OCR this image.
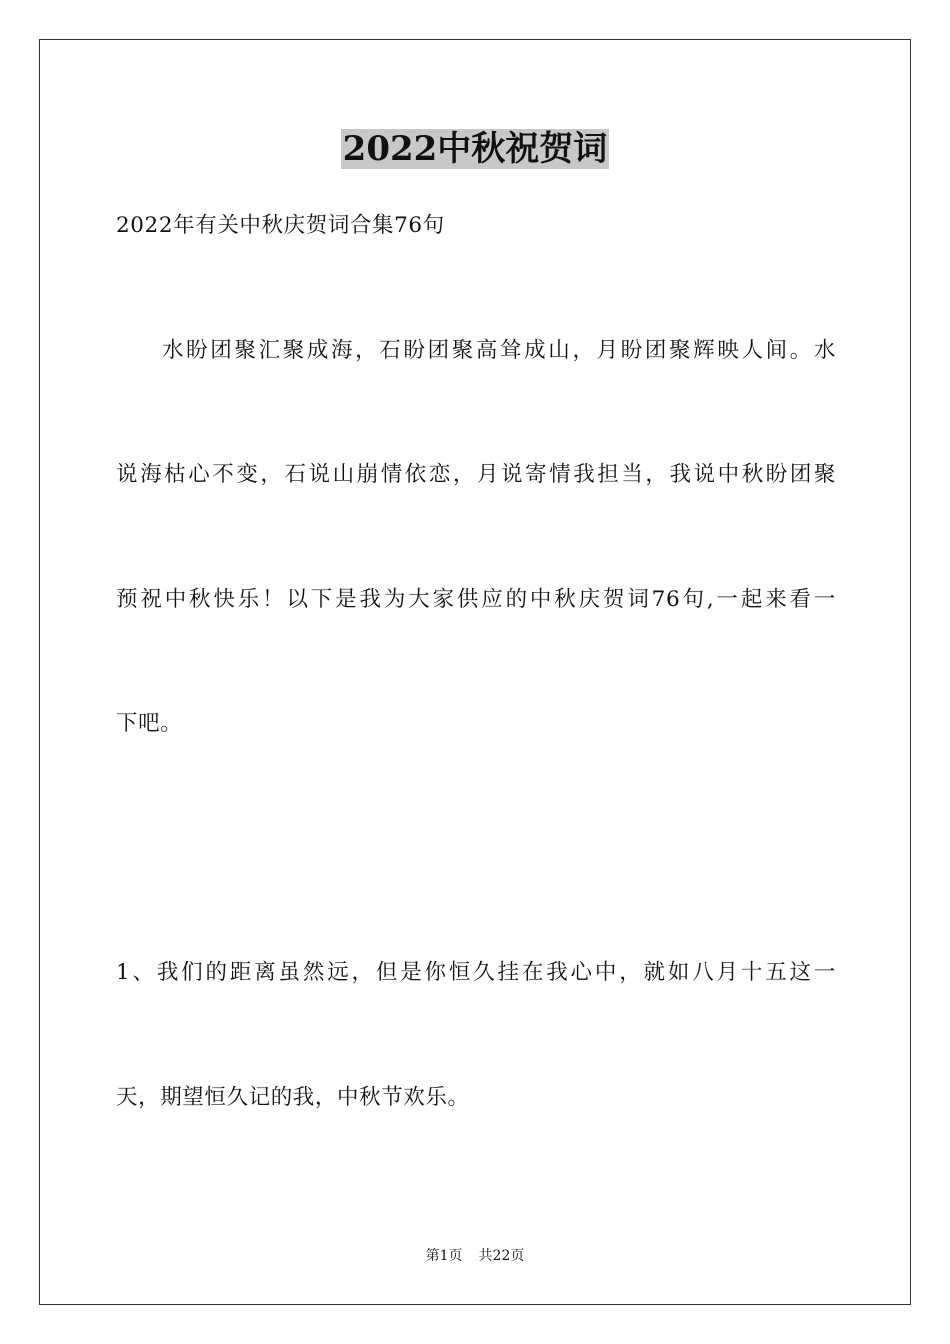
2022中秋祝贺词
2022年有关中秋庆贺词合集76句
水盼团聚汇聚成海，石盼团聚高耸成山，月盼团聚辉映人间。水
说海枯心不变，石说山崩情依恋，月说寄情我担当，我说中秋盼团聚
预祝中秋快乐！以下是我为大家供应的中秋庆贺词76句,一起来看一
下吧。
1、我们的距离虽然远，但是你恒久挂在我心中，就如八月十五这一
天，期望恒久记的我，中秋节欢乐。
第1页 共22页
